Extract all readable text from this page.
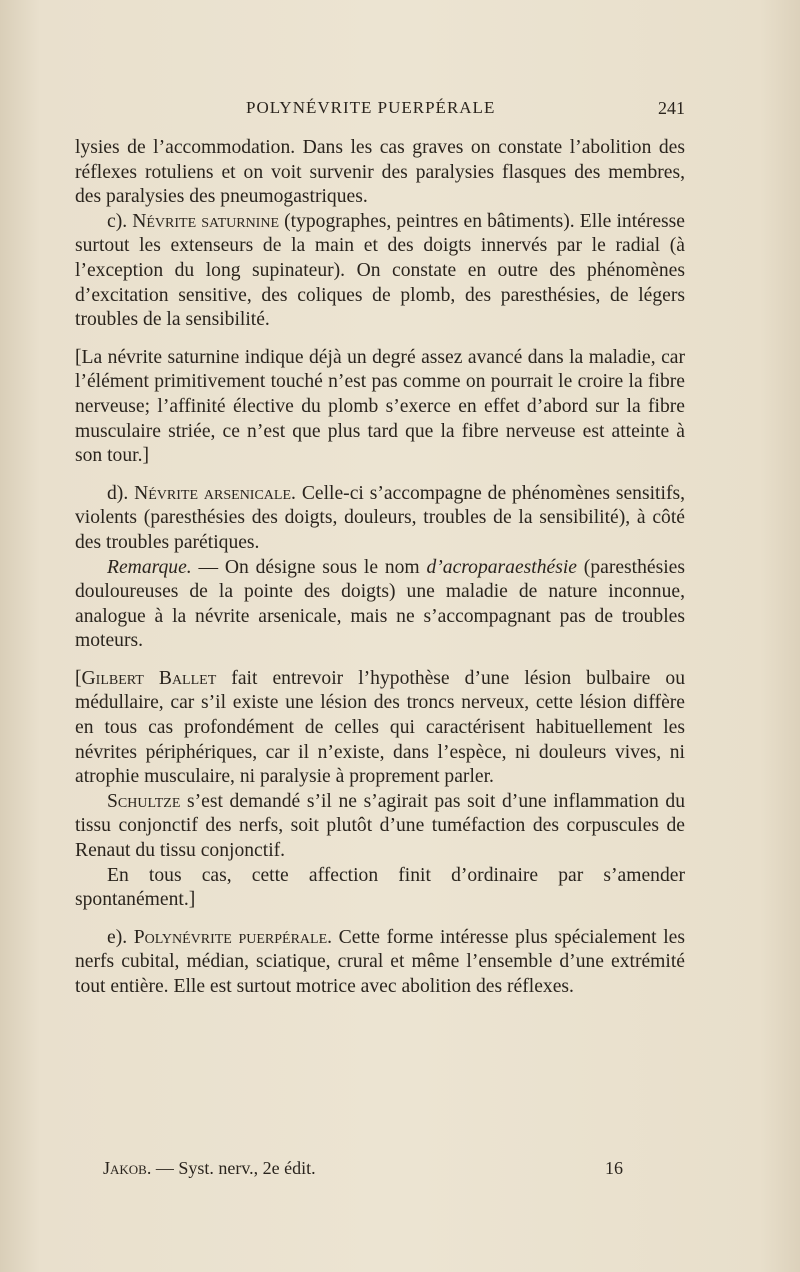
POLYNÉVRITE PUERPÉRALE	241

lysies de l’accommodation. Dans les cas graves on constate l’abolition des réflexes rotuliens et on voit survenir des paralysies flasques des membres, des paralysies des pneumogastriques.

c). Névrite saturnine (typographes, peintres en bâtiments). Elle intéresse surtout les extenseurs de la main et des doigts innervés par le radial (à l’exception du long supinateur). On constate en outre des phénomènes d’excitation sensitive, des coliques de plomb, des paresthésies, de légers troubles de la sensibilité.

[La névrite saturnine indique déjà un degré assez avancé dans la maladie, car l’élément primitivement touché n’est pas comme on pourrait le croire la fibre nerveuse; l’affinité élective du plomb s’exerce en effet d’abord sur la fibre musculaire striée, ce n’est que plus tard que la fibre nerveuse est atteinte à son tour.]

d). Névrite arsenicale. Celle-ci s’accompagne de phénomènes sensitifs, violents (paresthésies des doigts, douleurs, troubles de la sensibilité), à côté des troubles parétiques.

Remarque. — On désigne sous le nom d’acroparaesthésie (paresthésies douloureuses de la pointe des doigts) une maladie de nature inconnue, analogue à la névrite arsenicale, mais ne s’accompagnant pas de troubles moteurs.

[Gilbert Ballet fait entrevoir l’hypothèse d’une lésion bulbaire ou médullaire, car s’il existe une lésion des troncs nerveux, cette lésion diffère en tous cas profondément de celles qui caractérisent habituellement les névrites périphériques, car il n’existe, dans l’espèce, ni douleurs vives, ni atrophie musculaire, ni paralysie à proprement parler.

Schultze s’est demandé s’il ne s’agirait pas soit d’une inflammation du tissu conjonctif des nerfs, soit plutôt d’une tuméfaction des corpuscules de Renaut du tissu conjonctif.

En tous cas, cette affection finit d’ordinaire par s’amender spontanément.]

e). Polynévrite puerpérale. Cette forme intéresse plus spécialement les nerfs cubital, médian, sciatique, crural et même l’ensemble d’une extrémité tout entière. Elle est surtout motrice avec abolition des réflexes.

Jakob. — Syst. nerv., 2e édit.	16
